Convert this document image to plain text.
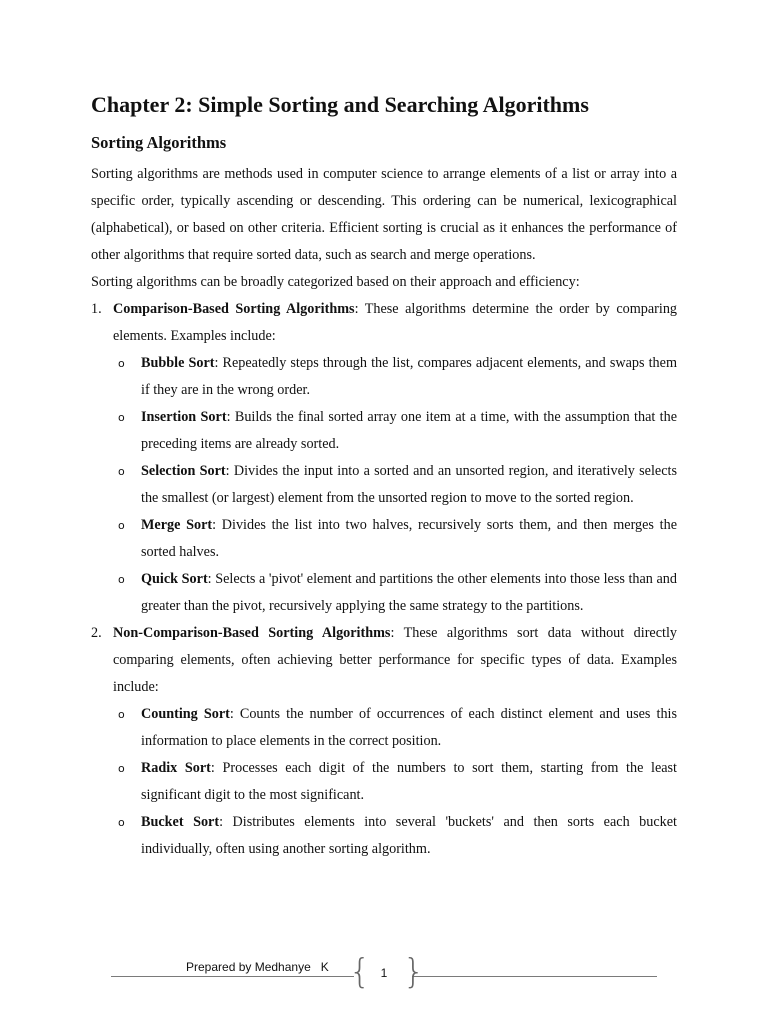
Chapter 2: Simple Sorting and Searching Algorithms
Sorting Algorithms

Sorting algorithms are methods used in computer science to arrange elements of a list or array into a specific order, typically ascending or descending. This ordering can be numerical, lexicographical (alphabetical), or based on other criteria. Efficient sorting is crucial as it enhances the performance of other algorithms that require sorted data, such as search and merge operations.

Sorting algorithms can be broadly categorized based on their approach and efficiency:

1. Comparison-Based Sorting Algorithms: These algorithms determine the order by comparing elements. Examples include:
o Bubble Sort: Repeatedly steps through the list, compares adjacent elements, and swaps them if they are in the wrong order.
o Insertion Sort: Builds the final sorted array one item at a time, with the assumption that the preceding items are already sorted.
o Selection Sort: Divides the input into a sorted and an unsorted region, and iteratively selects the smallest (or largest) element from the unsorted region to move to the sorted region.
o Merge Sort: Divides the list into two halves, recursively sorts them, and then merges the sorted halves.
o Quick Sort: Selects a 'pivot' element and partitions the other elements into those less than and greater than the pivot, recursively applying the same strategy to the partitions.
2. Non-Comparison-Based Sorting Algorithms: These algorithms sort data without directly comparing elements, often achieving better performance for specific types of data. Examples include:
o Counting Sort: Counts the number of occurrences of each distinct element and uses this information to place elements in the correct position.
o Radix Sort: Processes each digit of the numbers to sort them, starting from the least significant digit to the most significant.
o Bucket Sort: Distributes elements into several 'buckets' and then sorts each bucket individually, often using another sorting algorithm.
Prepared by Medhanye   K { 1 }
